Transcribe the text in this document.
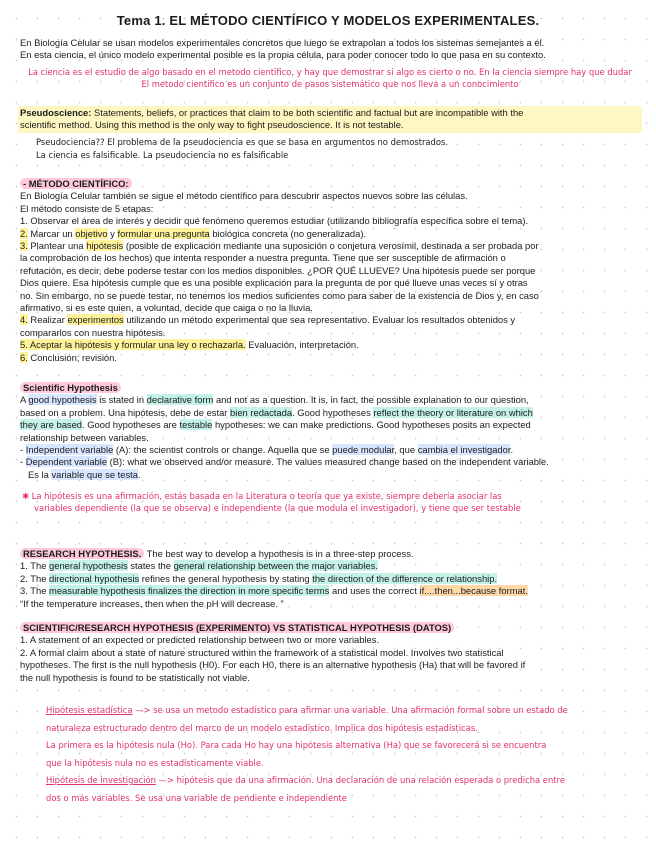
Tema 1. EL MÉTODO CIENTÍFICO Y MODELOS EXPERIMENTALES.

En Biología Celular se usan modelos experimentales concretos que luego se extrapolan a todos los sistemas semejantes a él.

En esta ciencia, el único modelo experimental posible es la propia célula, para poder conocer todo lo que pasa en su contexto.

La ciencia es el estudio de algo basado en el metodo cientifico, y hay que demostrar si algo es cierto o no. En la ciencia siempre hay que dudar

El metodo cientifico es un conjunto de pasos sistemático que nos lleva a un conocimiento

Pseudoscience: Statements, beliefs, or practices that claim to be both scientific and factual but are incompatible with the

scientific method. Using this method is the only way to fight pseudoscience. It is not testable.

Pseudociencia?? El problema de la pseudociencia es que se basa en argumentos no demostrados.

La ciencia es falsificable. La pseudociencia no es falsificable

- MÉTODO CIENTÍFICO:

En Biología Celular también se sigue el método científico para descubrir aspectos nuevos sobre las células.

El método consiste de 5 etapas:

1. Observar el área de interés y decidir qué fenómeno queremos estudiar (utilizando bibliografía específica sobre el tema).

2. Marcar un objetivo y formular una pregunta biológica concreta (no generalizada).

3. Plantear una hipótesis (posible de explicación mediante una suposición o conjetura verosímil, destinada a ser probada por

la comprobación de los hechos) que intenta responder a nuestra pregunta. Tiene que ser susceptible de afirmación o

refutación, es decir, debe poderse testar con los medios disponibles. ¿POR QUÉ LLUEVE? Una hipótesis puede ser porque

Dios quiere. Esa hipótesis cumple que es una posible explicación para la pregunta de por qué llueve unas veces sí y otras

no. Sin embargo, no se puede testar, no tenemos los medios suficientes como para saber de la existencia de Dios y, en caso

afirmativo, si es este quien, a voluntad, decide que caiga o no la lluvia.

4. Realizar experimentos utilizando un método experimental que sea representativo. Evaluar los resultados obtenidos y

compararlos con nuestra hipótesis.

5. Aceptar la hipótesis y formular una ley o rechazarla. Evaluación, interpretación.

6. Conclusión; revisión.

Scientific Hypothesis

A good hypothesis is stated in declarative form and not as a question. It is, in fact, the possible explanation to our question,

based on a problem. Una hipótesis, debe de estar bien redactada. Good hypotheses reflect the theory or literature on which

they are based. Good hypotheses are testable hypotheses: we can make predictions. Good hypotheses posits an expected

relationship between variables.

- Independent variable (A): the scientist controls or change. Aquella que se puede modular, que cambia el investigador.

- Dependent variable (B): what we observed and/or measure. The values measured change based on the independent variable.

Es la variable que se testa.

✱ La hipótesis es una afirmación, estás basada en la Literatura o teoría que ya existe, siempre debería asociar las

variables dependiente (la que se observa) e independiente (la que modula el investigador), y tiene que ser testable

RESEARCH HYPOTHESIS. The best way to develop a hypothesis is in a three-step process.

1. The general hypothesis states the general relationship between the major variables.

2. The directional hypothesis refines the general hypothesis by stating the direction of the difference or relationship.

3. The measurable hypothesis finalizes the direction in more specific terms and uses the correct if....then...because format.

“If the temperature increases, then when the pH will decrease. ”

SCIENTIFIC/RESEARCH HYPOTHESIS (EXPERIMENTO) VS STATISTICAL HYPOTHESIS (DATOS)

1. A statement of an expected or predicted relationship between two or more variables.

2. A formal claim about a state of nature structured within the framework of a statistical model. Involves two statistical

hypotheses. The first is the null hypothesis (H0). For each H0, there is an alternative hypothesis (Ha) that will be favored if

the null hypothesis is found to be statistically not viable.

Hipótesis estadística —> se usa un metodo estadístico para afirmar una variable. Una afirmación formal sobre un estado de

naturaleza estructurado dentro del marco de un modelo estadístico. Implica dos hipótesis estadísticas.

La primera es la hipótesis nula (Ho). Para cada Ho hay una hipótesis alternativa (Ha) que se favorecerá si se encuentra

que la hipótesis nula no es estadísticamente viable.

Hipótesis de investigación —> hipótesis que da una afirmación. Una declaración de una relación esperada o predicha entre

dos o más variables. Se usa una variable de pendiente e independiente
